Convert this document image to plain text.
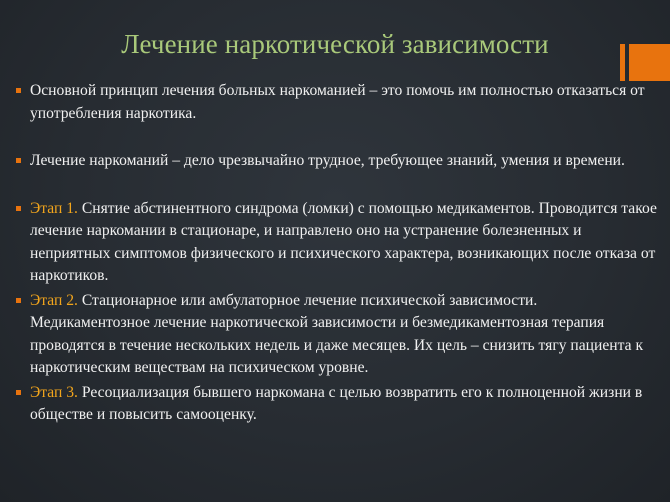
Лечение наркотической зависимости
Основной принцип лечения больных наркоманией – это помочь им полностью отказаться от употребления наркотика.
Лечение наркоманий – дело чрезвычайно трудное, требующее знаний, умения и времени.
Этап 1. Снятие абстинентного синдрома (ломки) с помощью медикаментов. Проводится такое лечение наркомании в стационаре, и направлено оно на устранение болезненных и неприятных симптомов физического и психического характера, возникающих после отказа от наркотиков.
Этап 2. Стационарное или амбулаторное лечение психической зависимости. Медикаментозное лечение наркотической зависимости и безмедикаментозная терапия проводятся в течение нескольких недель и даже месяцев. Их цель – снизить тягу пациента к наркотическим веществам на психическом уровне.
Этап 3. Ресоциализация бывшего наркомана с целью возвратить его к полноценной жизни в обществе и повысить самооценку.
